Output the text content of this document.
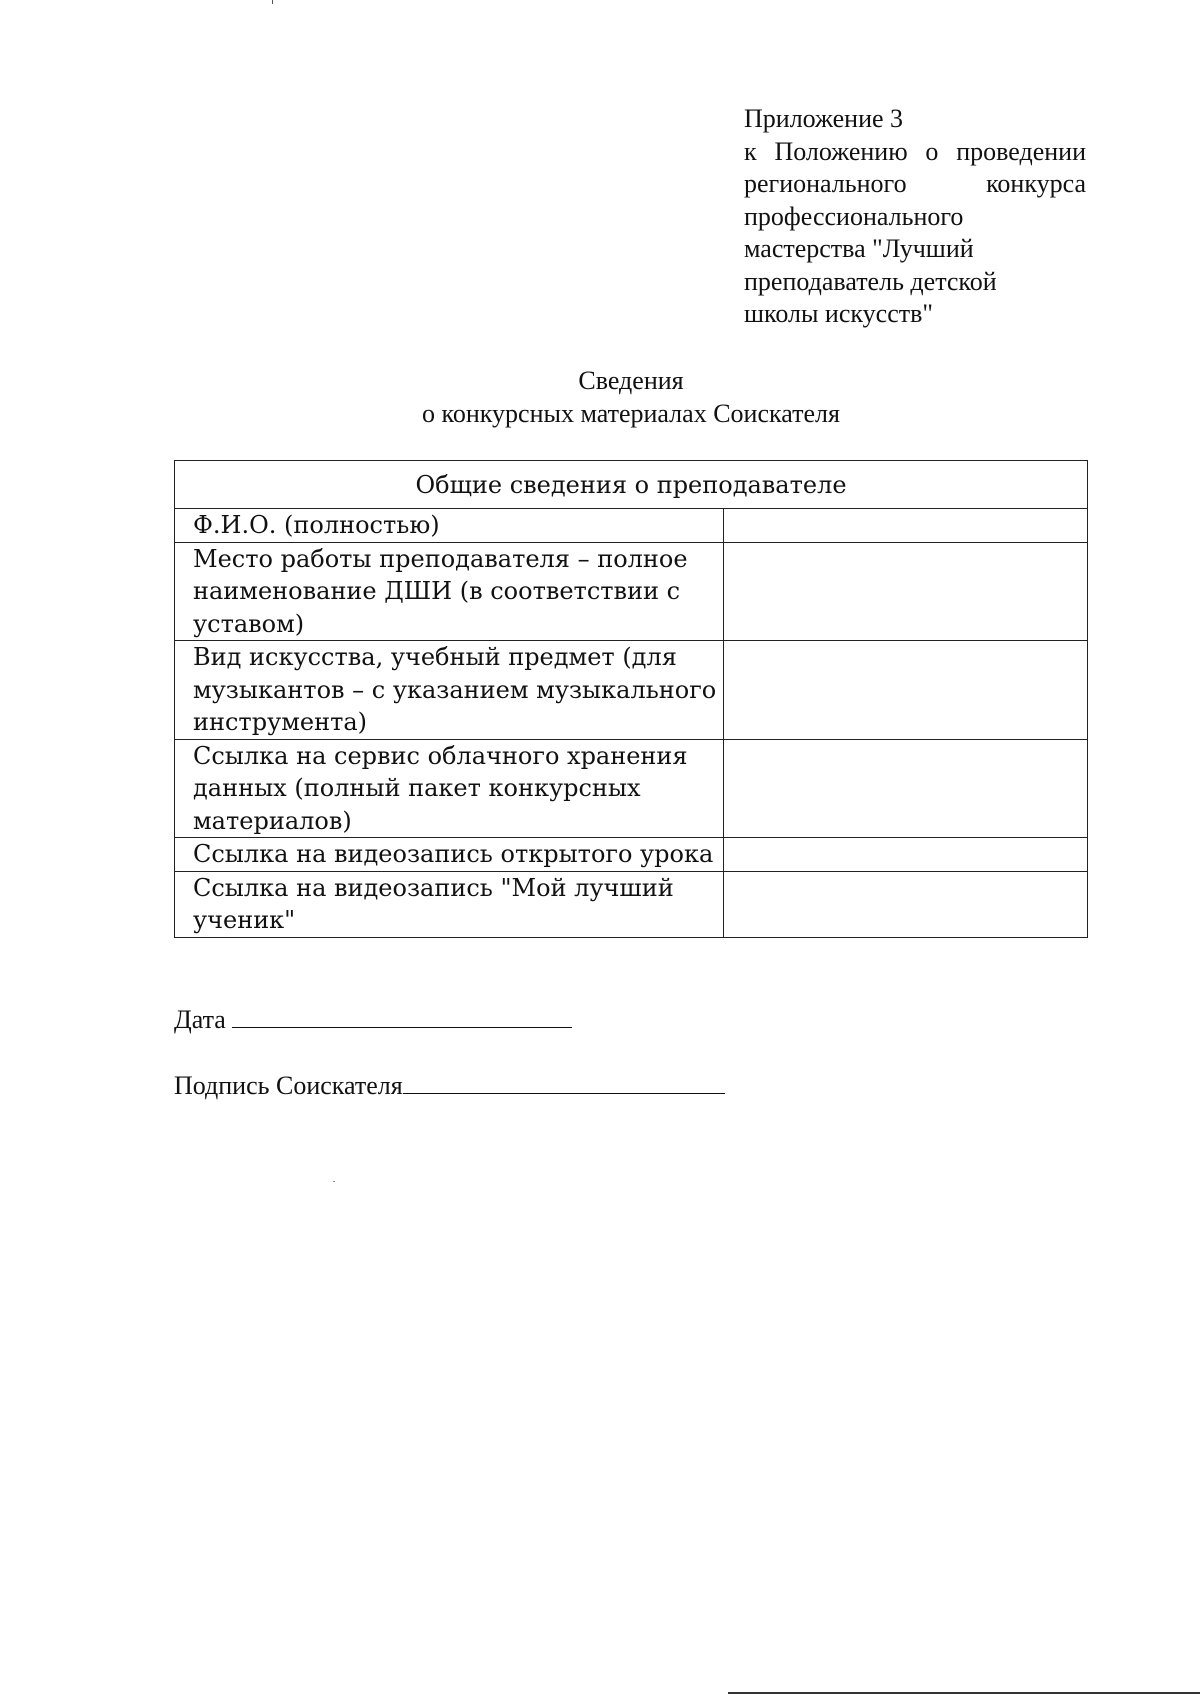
Приложение 3
к Положению о проведении
регионального конкурса
профессионального
мастерства "Лучший
преподаватель детской
школы искусств"
Сведения
о конкурсных материалах Соискателя
Общие сведения о преподавателе	
Ф.И.О. (полностью)	
Место работы преподавателя – полное наименование ДШИ (в соответствии с уставом)	
Вид искусства, учебный предмет (для музыкантов – с указанием музыкального инструмента)	
Ссылка на сервис облачного хранения данных (полный пакет конкурсных материалов)	
Ссылка на видеозапись открытого урока	
Ссылка на видеозапись "Мой лучший ученик"	
Дата
Подпись Соискателя
